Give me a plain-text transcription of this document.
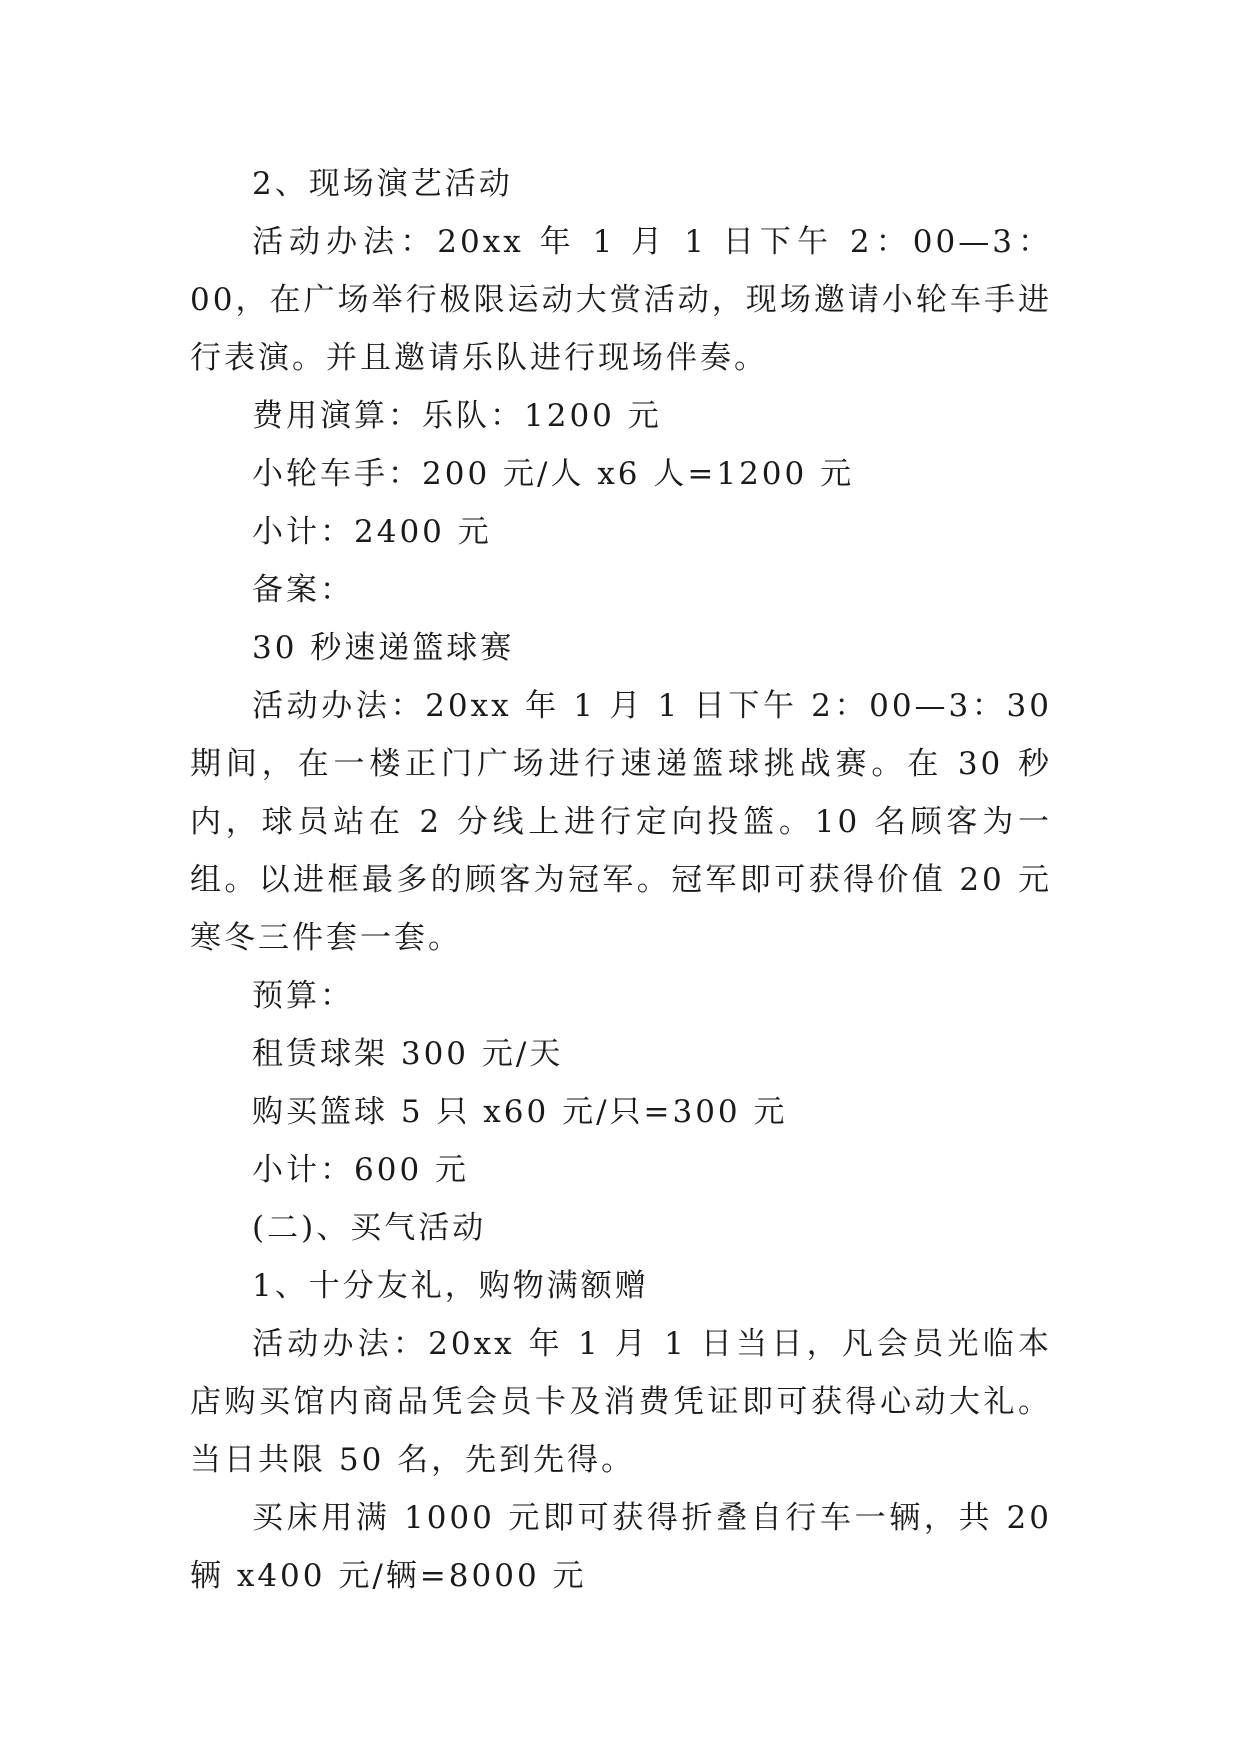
2、现场演艺活动

活动办法：20xx 年 1 月 1 日下午 2：00—3：00，在广场举行极限运动大赏活动，现场邀请小轮车手进行表演。并且邀请乐队进行现场伴奏。

费用演算：乐队：1200 元

小轮车手：200 元/人 x6 人=1200 元

小计：2400 元

备案：

30 秒速递篮球赛

活动办法：20xx 年 1 月 1 日下午 2：00—3：30 期间，在一楼正门广场进行速递篮球挑战赛。在 30 秒内，球员站在 2 分线上进行定向投篮。10 名顾客为一组。以进框最多的顾客为冠军。冠军即可获得价值 20 元寒冬三件套一套。

预算：

租赁球架 300 元/天

购买篮球 5 只 x60 元/只=300 元

小计：600 元

(二)、买气活动

1、十分友礼，购物满额赠

活动办法：20xx 年 1 月 1 日当日，凡会员光临本店购买馆内商品凭会员卡及消费凭证即可获得心动大礼。当日共限 50 名，先到先得。

买床用满 1000 元即可获得折叠自行车一辆，共 20 辆 x400 元/辆=8000 元
